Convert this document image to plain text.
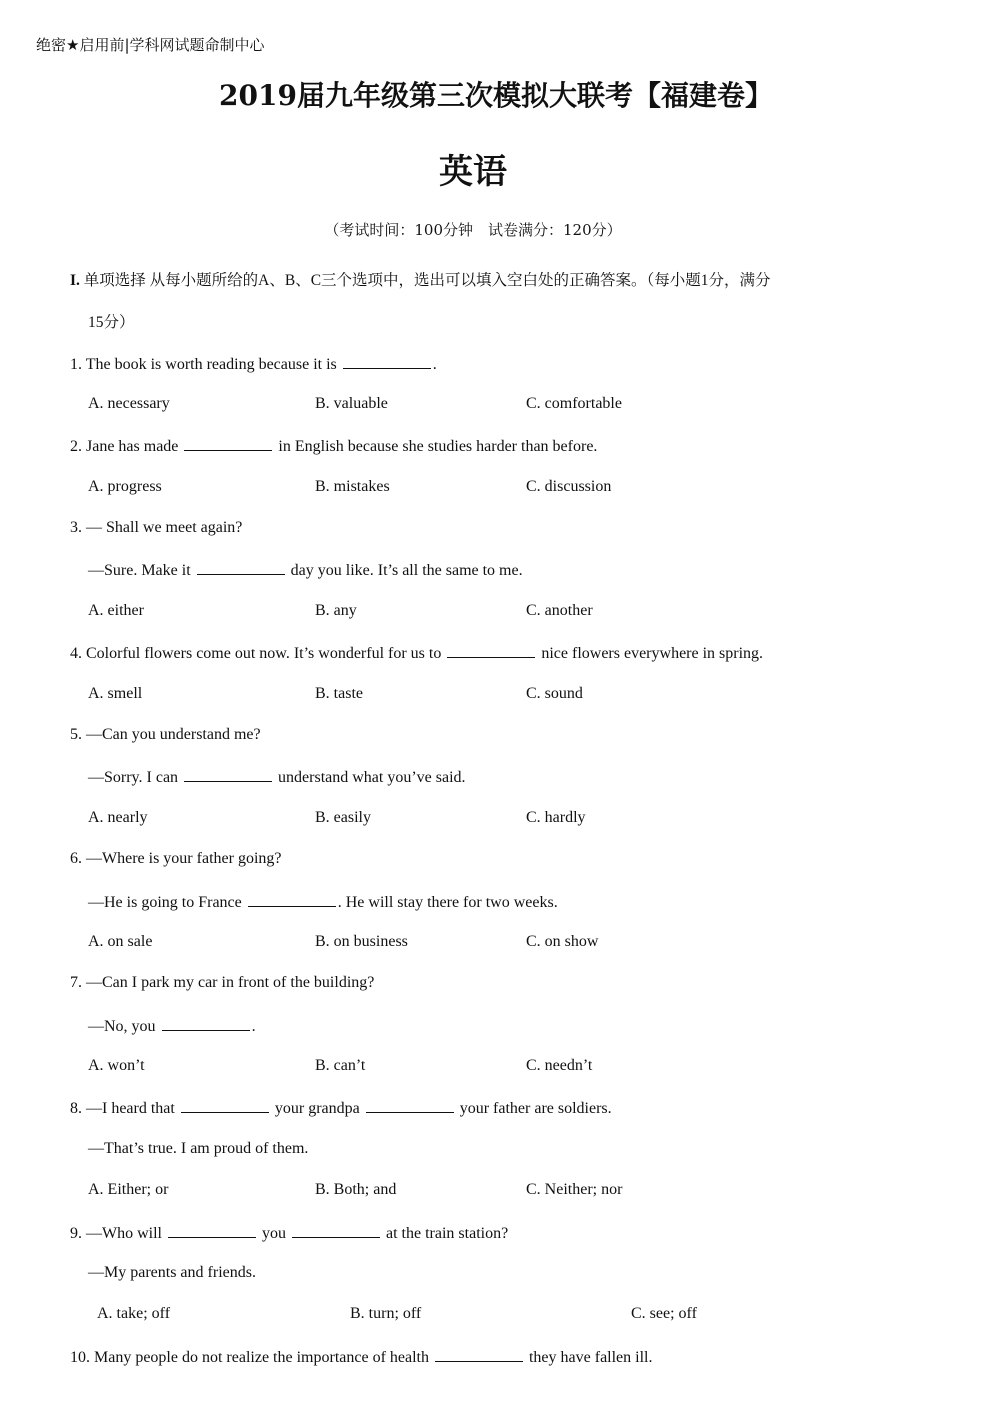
绝密★启用前|学科网试题命制中心
2019届九年级第三次模拟大联考【福建卷】
英语
（考试时间：100分钟　试卷满分：120分）
I. 单项选择 从每小题所给的A、B、C三个选项中，选出可以填入空白处的正确答案。（每小题1分，满分
15分）
1. The book is worth reading because it is	.
A. necessary	B. valuable	C. comfortable
2. Jane has made	in English because she studies harder than before.
A. progress	B. mistakes	C. discussion
3. — Shall we meet again?
—Sure. Make it	day you like. It’s all the same to me.
A. either	B. any	C. another
4. Colorful flowers come out now. It’s wonderful for us to	nice flowers everywhere in spring.
A. smell	B. taste	C. sound
5. —Can you understand me?
—Sorry. I can	understand what you’ve said.
A. nearly	B. easily	C. hardly
6. —Where is your father going?
—He is going to France	. He will stay there for two weeks.
A. on sale	B. on business	C. on show
7. —Can I park my car in front of the building?
—No, you	.
A. won’t	B. can’t	C. needn’t
8. —I heard that	your grandpa	your father are soldiers.
—That’s true. I am proud of them.
A. Either; or	B. Both; and	C. Neither; nor
9. —Who will	you	at the train station?
—My parents and friends.
A. take; off	B. turn; off	C. see; off
10. Many people do not realize the importance of health	they have fallen ill.
